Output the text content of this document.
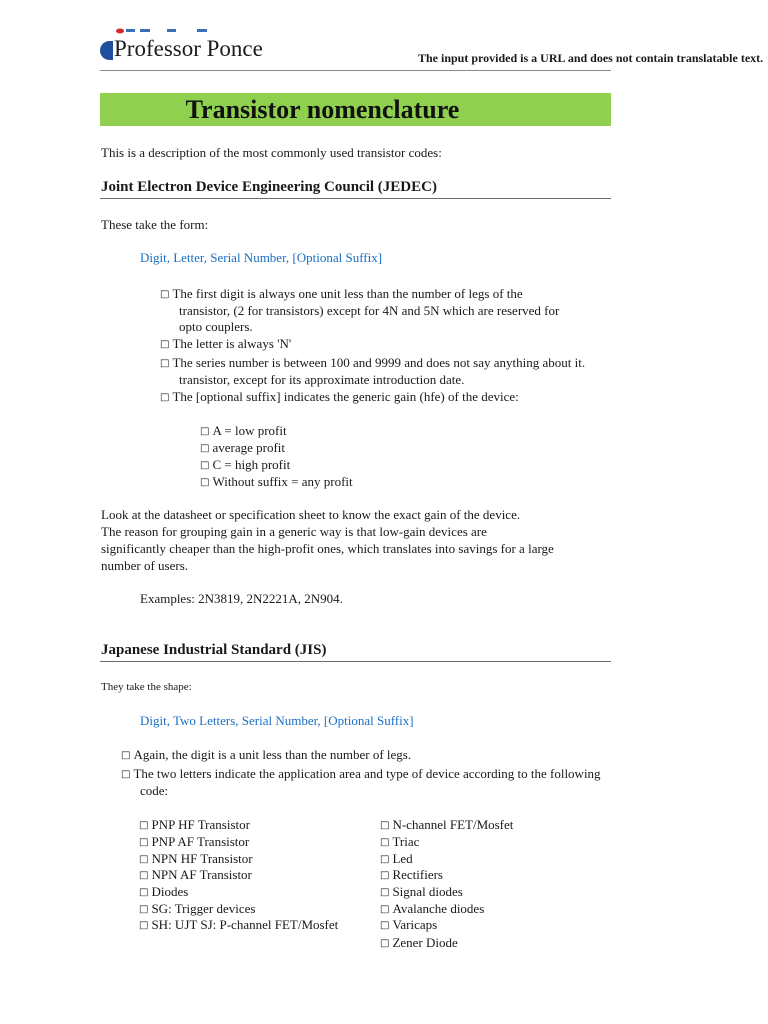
Professor Ponce	The input provided is a URL and does not contain translatable text.
Transistor nomenclature
This is a description of the most commonly used transistor codes:
Joint Electron Device Engineering Council (JEDEC)
These take the form:
Digit, Letter, Serial Number, [Optional Suffix]
□ The first digit is always one unit less than the number of legs of the
transistor, (2 for transistors) except for 4N and 5N which are reserved for
opto couplers.
□ The letter is always 'N'
□ The series number is between 100 and 9999 and does not say anything about it.
transistor, except for its approximate introduction date.
□ The [optional suffix] indicates the generic gain (hfe) of the device:
□ A = low profit
□ average profit
□ C = high profit
□ Without suffix = any profit
Look at the datasheet or specification sheet to know the exact gain of the device.
The reason for grouping gain in a generic way is that low-gain devices are
significantly cheaper than the high-profit ones, which translates into savings for a large
number of users.
Examples: 2N3819, 2N2221A, 2N904.
Japanese Industrial Standard (JIS)
They take the shape:
Digit, Two Letters, Serial Number, [Optional Suffix]
□ Again, the digit is a unit less than the number of legs.
□ The two letters indicate the application area and type of device according to the following
code:
□ PNP HF Transistor
□ PNP AF Transistor
□ NPN HF Transistor
□ NPN AF Transistor
□ Diodes
□ SG: Trigger devices
□ SH: UJT SJ: P-channel FET/Mosfet
□ N-channel FET/Mosfet
□ Triac
□ Led
□ Rectifiers
□ Signal diodes
□ Avalanche diodes
□ Varicaps
□ Zener Diode
